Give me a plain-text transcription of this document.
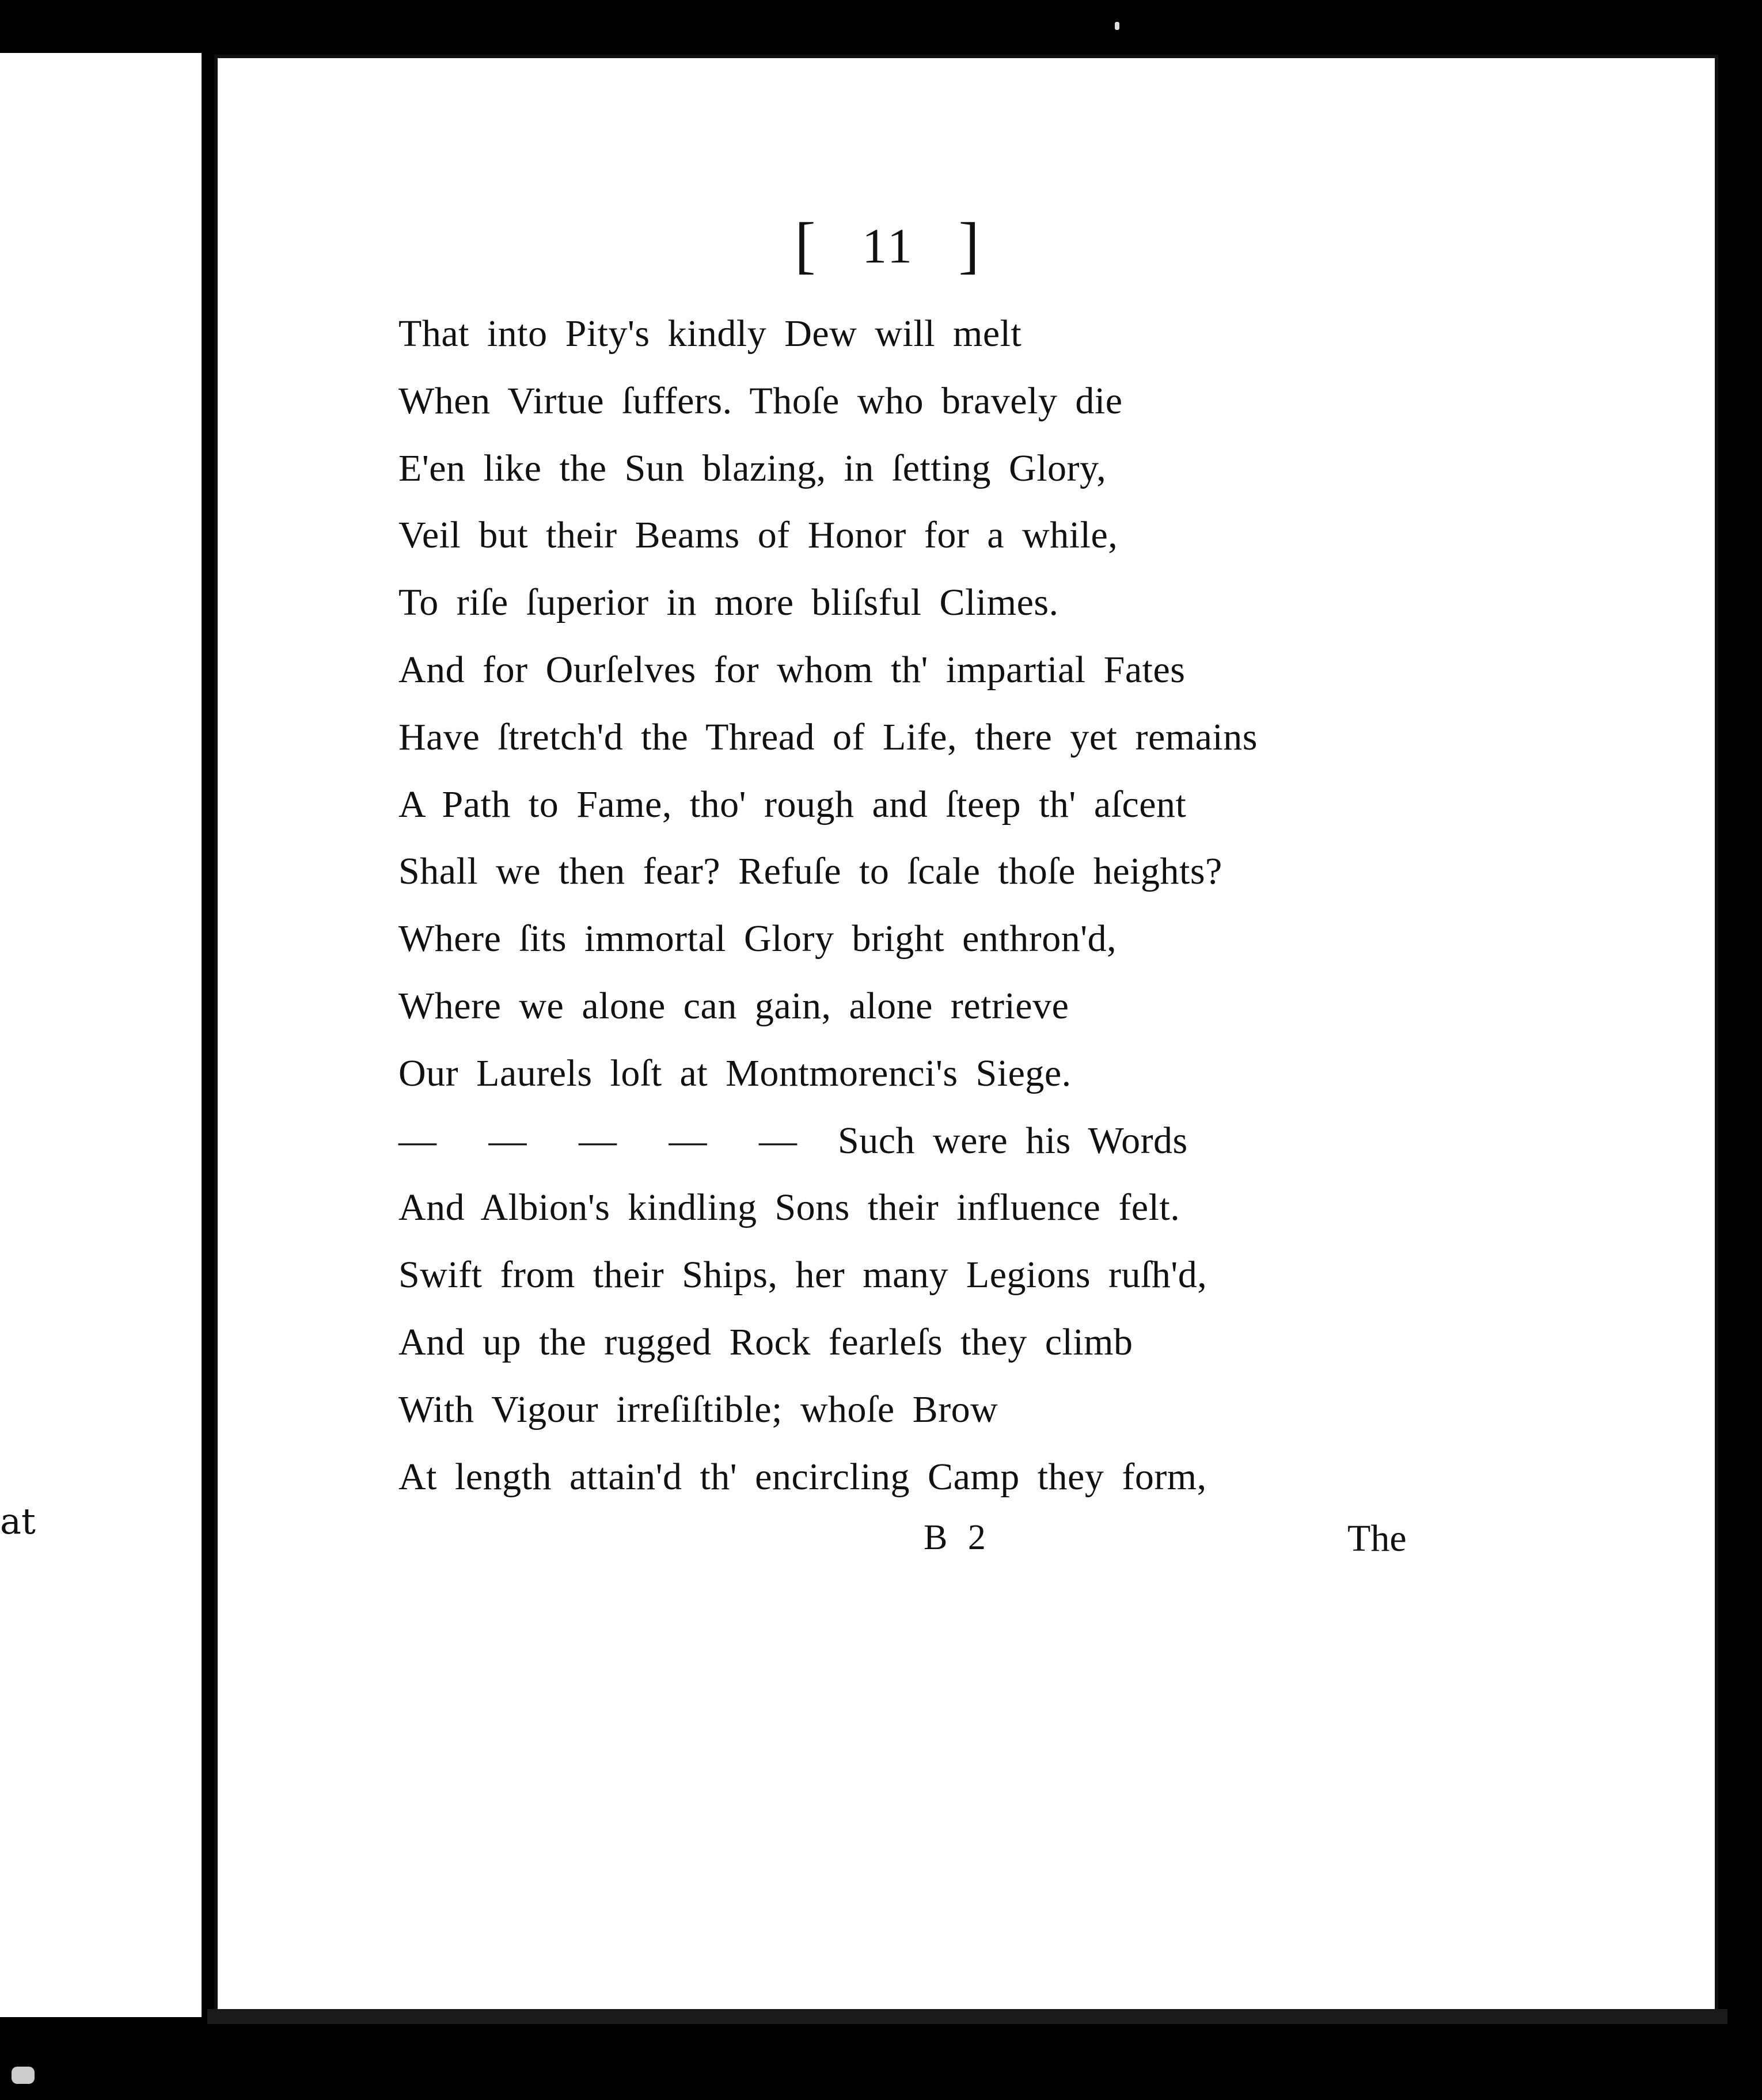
at
[ 11 ]
That into Pity's kindly Dew will melt
When Virtue ſuffers. Thoſe who bravely die
E'en like the Sun blazing, in ſetting Glory,
Veil but their Beams of Honor for a while,
To riſe ſuperior in more bliſsful Climes.
And for Ourſelves for whom th' impartial Fates
Have ſtretch'd the Thread of Life, there yet remains
A Path to Fame, tho' rough and ſteep th' aſcent
Shall we then fear? Refuſe to ſcale thoſe heights?
Where ſits immortal Glory bright enthron'd,
Where we alone can gain, alone retrieve
Our Laurels loſt at Montmorenci's Siege.
— — — — — Such were his Words
And Albion's kindling Sons their influence felt.
Swift from their Ships, her many Legions ruſh'd,
And up the rugged Rock fearleſs they climb
With Vigour irreſiſtible; whoſe Brow
At length attain'd th' encircling Camp they form,
B 2	The
